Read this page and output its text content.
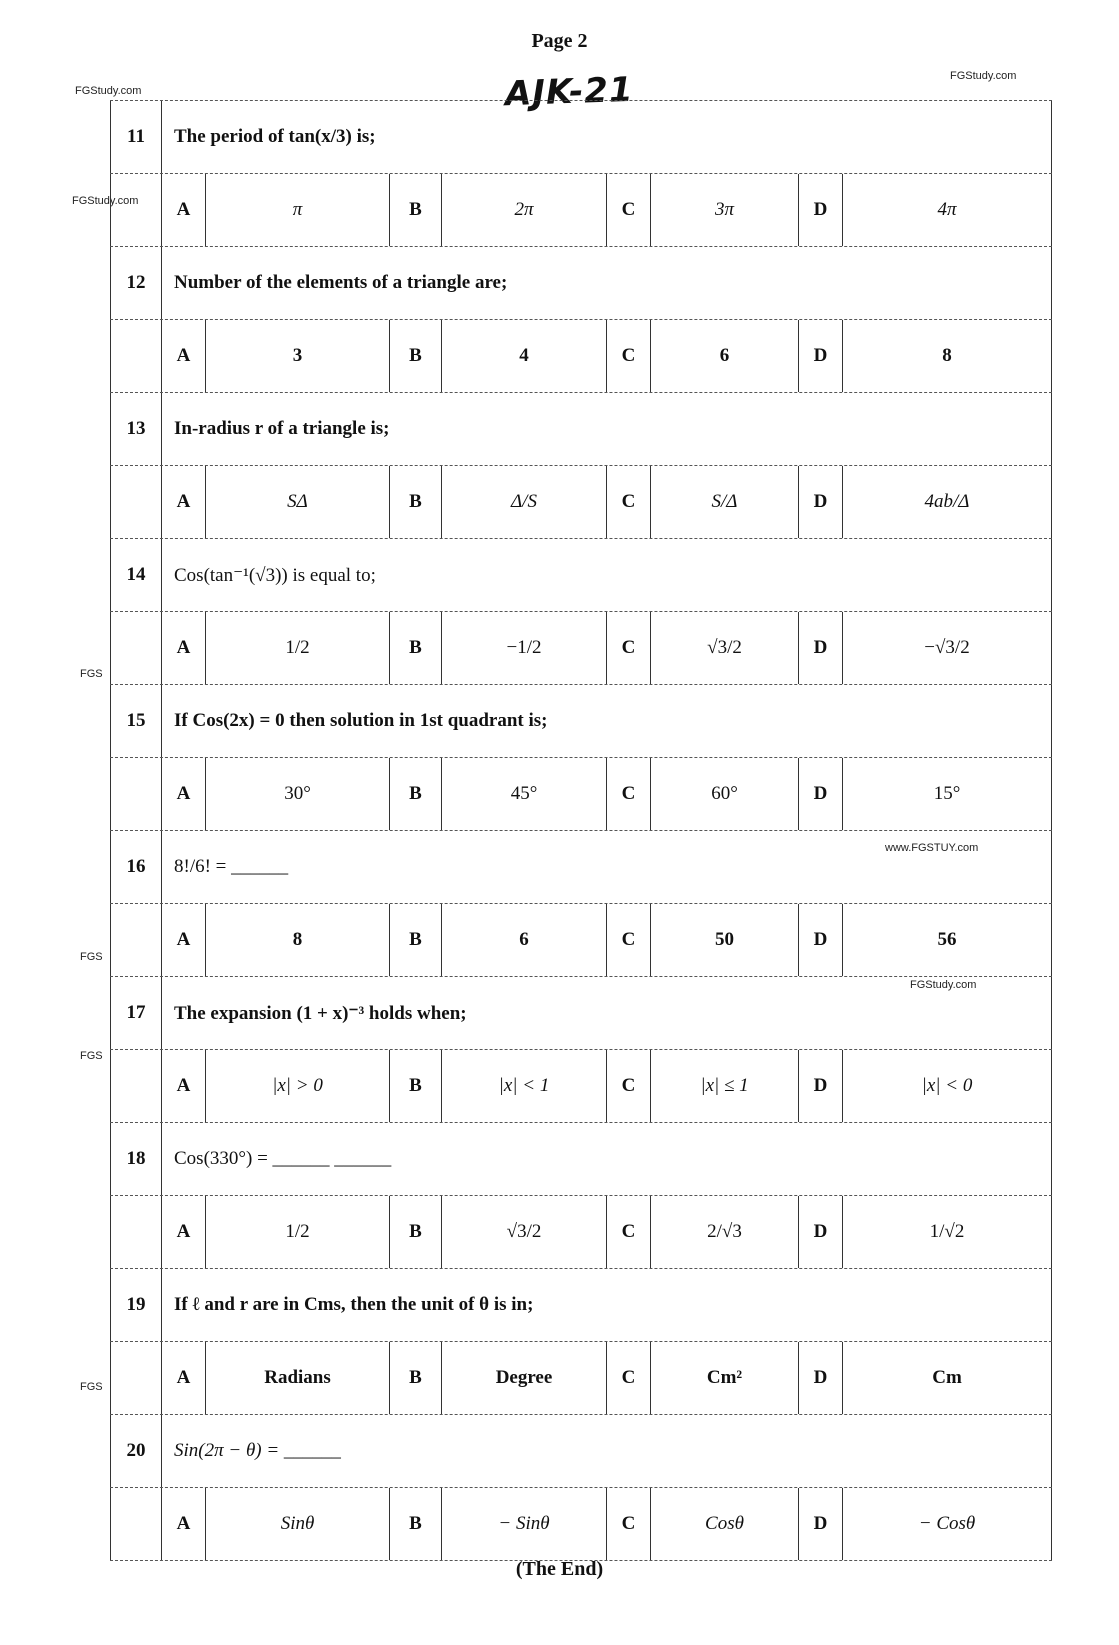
Page 2
AJK-21
FGStudy.com
FGStudy.com
FGStudy.com
www.FGSTUY.com
FGStudy.com
FGS
FGS
FGS
FGS
11	The period of tan(x/3) is;
A	π	B	2π	C	3π	D	4π
12	Number of the elements of a triangle are;
A	3	B	4	C	6	D	8
13	In-radius r of a triangle is;
A	SΔ	B	Δ/S	C	S/Δ	D	4ab/Δ
14	Cos(tan⁻¹(√3)) is equal to;
A	1/2	B	−1/2	C	√3/2	D	−√3/2
15	If Cos(2x) = 0 then solution in 1st quadrant is;
A	30°	B	45°	C	60°	D	15°
16	8!/6! = ______
A	8	B	6	C	50	D	56
17	The expansion (1 + x)⁻³ holds when;
A	|x| > 0	B	|x| < 1	C	|x| ≤ 1	D	|x| < 0
18	Cos(330°) = ______ ______
A	1/2	B	√3/2	C	2/√3	D	1/√2
19	If ℓ and r are in Cms, then the unit of θ is in;
A	Radians	B	Degree	C	Cm²	D	Cm
20	Sin(2π − θ) = ______
A	Sinθ	B	− Sinθ	C	Cosθ	D	− Cosθ
(The End)
